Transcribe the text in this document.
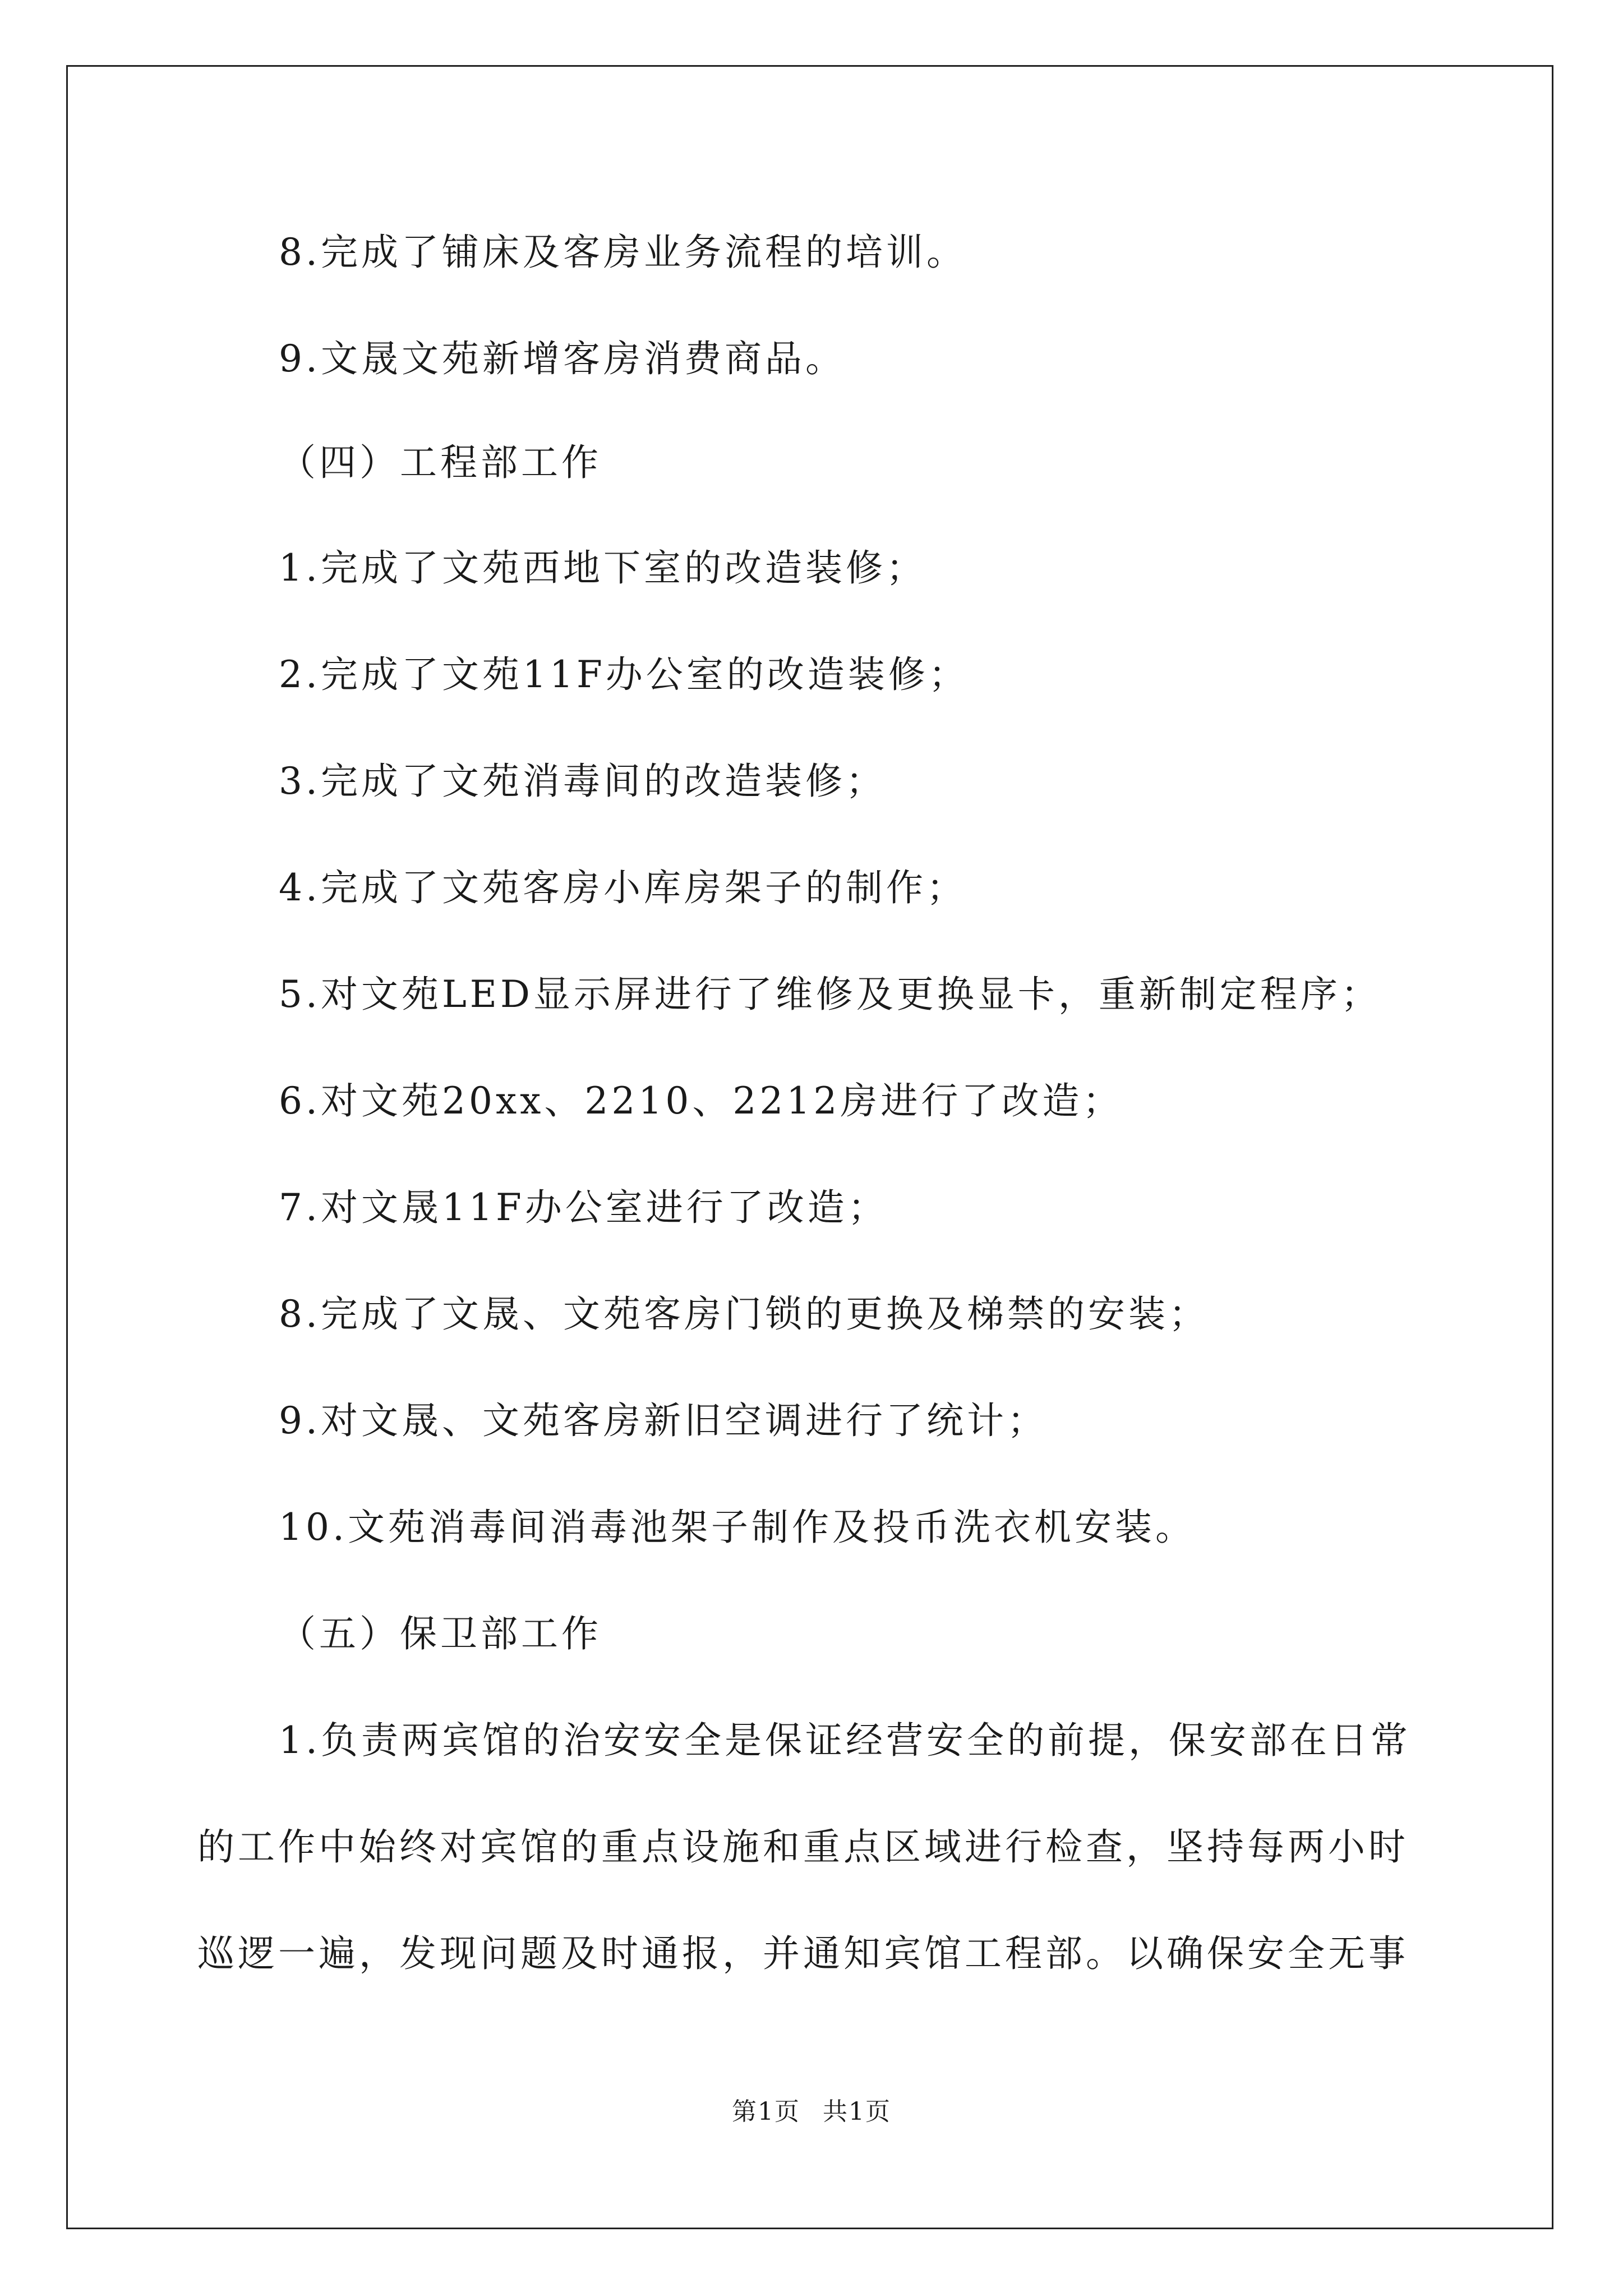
8.完成了铺床及客房业务流程的培训。
9.文晟文苑新增客房消费商品。
（四）工程部工作
1.完成了文苑西地下室的改造装修；
2.完成了文苑11F办公室的改造装修；
3.完成了文苑消毒间的改造装修；
4.完成了文苑客房小库房架子的制作；
5.对文苑LED显示屏进行了维修及更换显卡，重新制定程序；
6.对文苑20xx、2210、2212房进行了改造；
7.对文晟11F办公室进行了改造；
8.完成了文晟、文苑客房门锁的更换及梯禁的安装；
9.对文晟、文苑客房新旧空调进行了统计；
10.文苑消毒间消毒池架子制作及投币洗衣机安装。
（五）保卫部工作
1.负责两宾馆的治安安全是保证经营安全的前提，保安部在日常
的工作中始终对宾馆的重点设施和重点区域进行检查，坚持每两小时
巡逻一遍，发现问题及时通报，并通知宾馆工程部。以确保安全无事
第1页 共1页
